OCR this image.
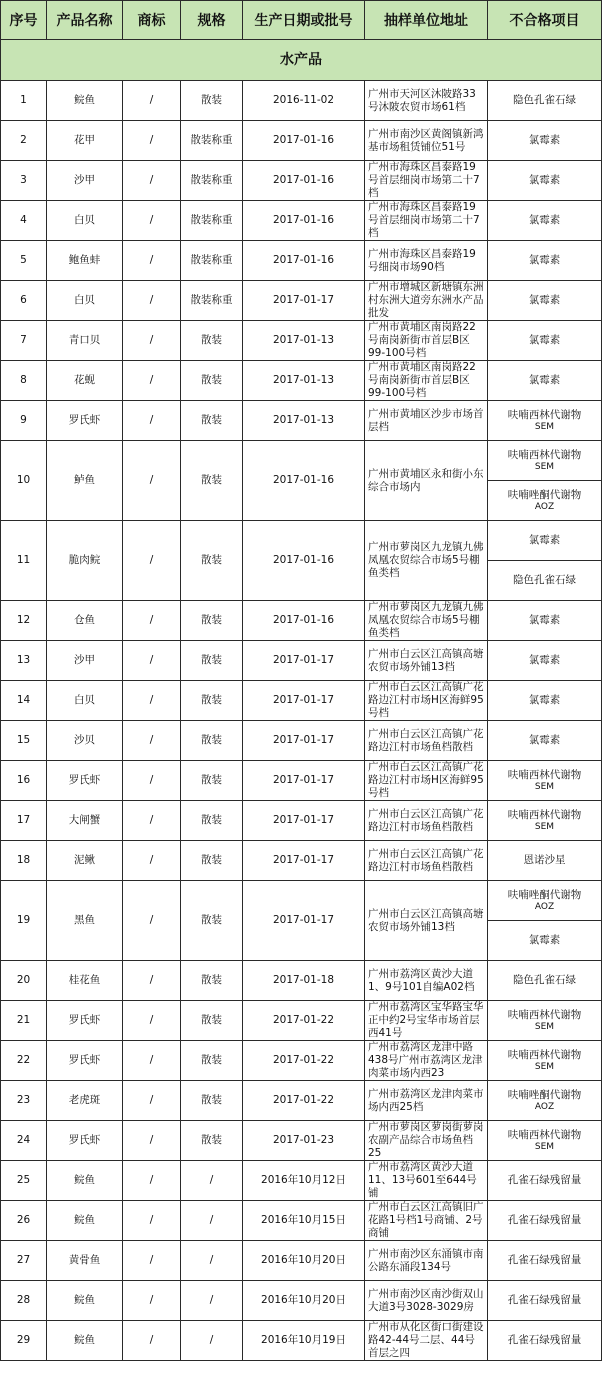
序号	产品名称	商标	规格	生产日期或批号	抽样单位地址	不合格项目
水产品						
1	鲩鱼	/	散装	2016-11-02	广州市天河区沐陂路33号沐陂农贸市场61档	隐色孔雀石绿
2	花甲	/	散装称重	2017-01-16	广州市南沙区黄阁镇新鸿基市场租赁铺位51号	氯霉素
3	沙甲	/	散装称重	2017-01-16	广州市海珠区昌泰路19号首层细岗市场第二十7档	氯霉素
4	白贝	/	散装称重	2017-01-16	广州市海珠区昌泰路19号首层细岗市场第二十7档	氯霉素
5	鲍鱼蚌	/	散装称重	2017-01-16	广州市海珠区昌泰路19号细岗市场90档	氯霉素
6	白贝	/	散装称重	2017-01-17	广州市增城区新塘镇东洲村东洲大道旁东洲水产品批发	氯霉素
7	青口贝	/	散装	2017-01-13	广州市黄埔区南岗路22号南岗新街市首层B区99-100号档	氯霉素
8	花蚬	/	散装	2017-01-13	广州市黄埔区南岗路22号南岗新街市首层B区99-100号档	氯霉素
9	罗氏虾	/	散装	2017-01-13	广州市黄埔区沙步市场首层档	呋喃西林代谢物
SEM

10	鲈鱼	/	散装	2017-01-16	广州市黄埔区永和街小东综合市场内	呋喃西林代谢物
SEM

						呋喃唑酮代谢物
AOZ

11	脆肉鲩	/	散装	2017-01-16	广州市萝岗区九龙镇九佛凤凰农贸综合市场5号棚鱼类档	氯霉素
						隐色孔雀石绿
12	仓鱼	/	散装	2017-01-16	广州市萝岗区九龙镇九佛凤凰农贸综合市场5号棚鱼类档	氯霉素
13	沙甲	/	散装	2017-01-17	广州市白云区江高镇高塘农贸市场外铺13档	氯霉素
14	白贝	/	散装	2017-01-17	广州市白云区江高镇广花路边江村市场H区海鲜95号档	氯霉素
15	沙贝	/	散装	2017-01-17	广州市白云区江高镇广花路边江村市场鱼档散档	氯霉素
16	罗氏虾	/	散装	2017-01-17	广州市白云区江高镇广花路边江村市场H区海鲜95号档	呋喃西林代谢物
SEM

17	大闸蟹	/	散装	2017-01-17	广州市白云区江高镇广花路边江村市场鱼档散档	呋喃西林代谢物
SEM

18	泥鳅	/	散装	2017-01-17	广州市白云区江高镇广花路边江村市场鱼档散档	恩诺沙星
19	黑鱼	/	散装	2017-01-17	广州市白云区江高镇高塘农贸市场外铺13档	呋喃唑酮代谢物
AOZ

						氯霉素
20	桂花鱼	/	散装	2017-01-18	广州市荔湾区黄沙大道1、9号101自编A02档	隐色孔雀石绿
21	罗氏虾	/	散装	2017-01-22	广州市荔湾区宝华路宝华正中约2号宝华市场首层西41号	呋喃西林代谢物
SEM

22	罗氏虾	/	散装	2017-01-22	广州市荔湾区龙津中路438号广州市荔湾区龙津肉菜市场内西23	呋喃西林代谢物
SEM

23	老虎斑	/	散装	2017-01-22	广州市荔湾区龙津肉菜市场内西25档	呋喃唑酮代谢物
AOZ

24	罗氏虾	/	散装	2017-01-23	广州市萝岗区萝岗街萝岗农副产品综合市场鱼档25	呋喃西林代谢物
SEM

25	鲩鱼	/	/	2016年10月12日	广州市荔湾区黄沙大道11、13号601至644号铺	孔雀石绿残留量
26	鲩鱼	/	/	2016年10月15日	广州市白云区江高镇旧广花路1号档1号商铺、2号商铺	孔雀石绿残留量
27	黄骨鱼	/	/	2016年10月20日	广州市南沙区东涌镇市南公路东涌段134号	孔雀石绿残留量
28	鲩鱼	/	/	2016年10月20日	广州市南沙区南沙街双山大道3号3028-3029房	孔雀石绿残留量
29	鲩鱼	/	/	2016年10月19日	广州市从化区街口街建设路42-44号二层、44号首层之四	孔雀石绿残留量
